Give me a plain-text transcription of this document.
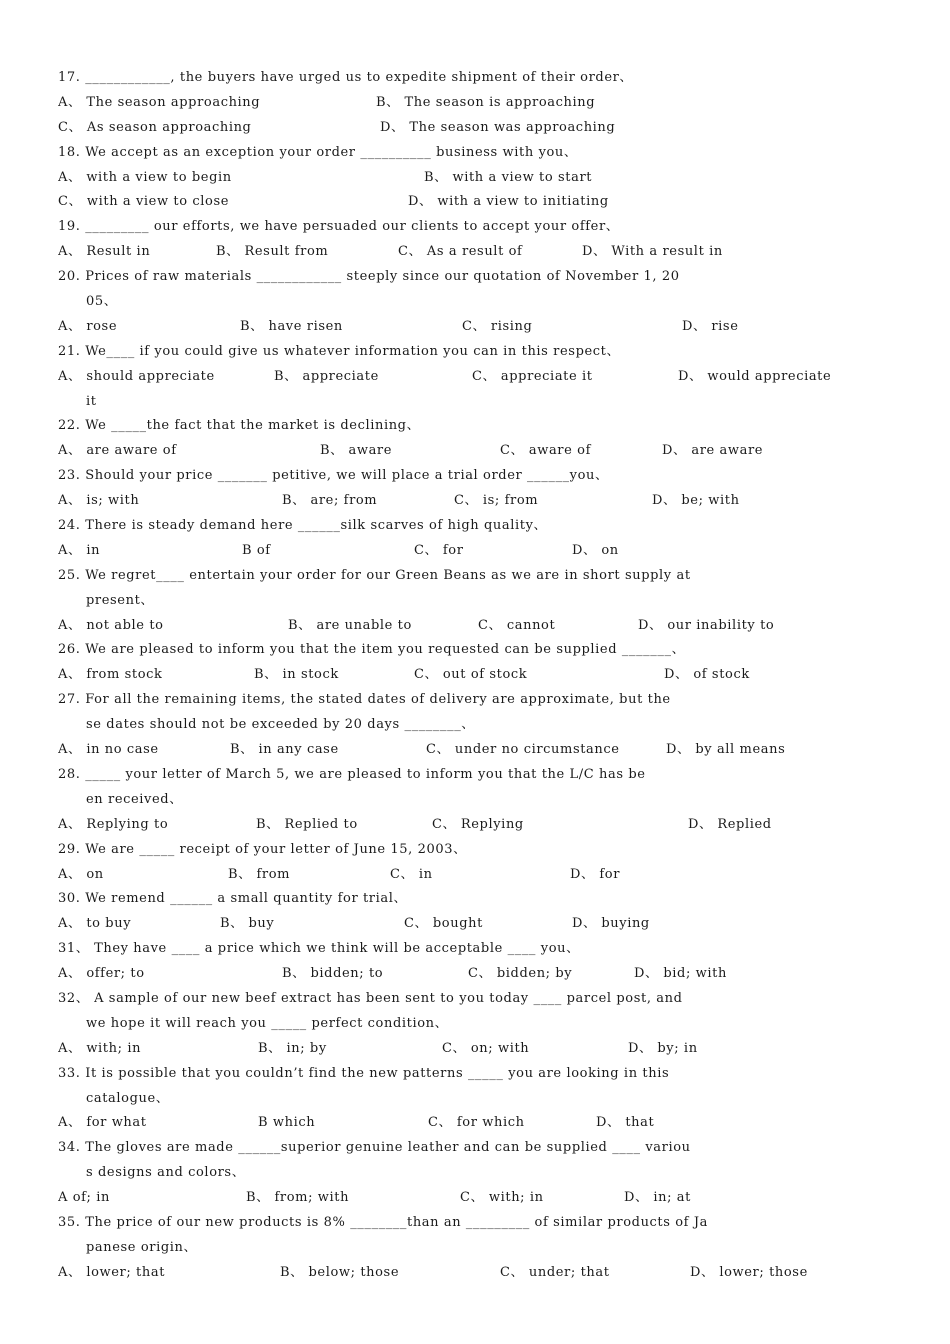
17. ____________, the buyers have urged us to expedite shipment of their order、
A、 The season approaching	B、 The season is approaching
C、 As season approaching	D、 The season was approaching
18. We accept as an exception your order __________ business with you、
A、 with a view to begin	B、 with a view to start
C、 with a view to close	D、 with a view to initiating
19. _________ our efforts, we have persuaded our clients to accept your offer、
A、 Result in	B、 Result from	C、 As a result of	D、 With a result in
20. Prices of raw materials ____________ steeply since our quotation of November 1, 20
05、
A、 rose	B、 have risen	C、 rising	D、 rise
21. We____ if you could give us whatever information you can in this respect、
A、 should appreciate	B、 appreciate	C、 appreciate it	D、 would appreciate
it
22. We _____the fact that the market is declining、
A、 are aware of	B、 aware	C、 aware of	D、 are aware
23. Should your price _______ petitive, we will place a trial order ______you、
A、 is; with	B、 are; from	C、 is; from	D、 be; with
24. There is steady demand here ______silk scarves of high quality、
A、 in	B of	C、 for	D、 on
25. We regret____ entertain your order for our Green Beans as we are in short supply at
present、
A、 not able to	B、 are unable to	C、 cannot	D、 our inability to
26. We are pleased to inform you that the item you requested can be supplied _______、
A、 from stock	B、 in stock	C、 out of stock	D、 of stock
27. For all the remaining items, the stated dates of delivery are approximate, but the
se dates should not be exceeded by 20 days ________、
A、 in no case	B、 in any case	C、 under no circumstance	D、 by all means
28. _____ your letter of March 5, we are pleased to inform you that the L/C has be
en received、
A、 Replying to	B、 Replied to	C、 Replying	D、 Replied
29. We are _____ receipt of your letter of June 15, 2003、
A、 on	B、 from	C、 in	D、 for
30. We remend ______ a small quantity for trial、
A、 to buy	B、 buy	C、 bought	D、 buying
31、 They have ____ a price which we think will be acceptable ____ you、
A、 offer; to	B、 bidden; to	C、 bidden; by	D、 bid; with
32、 A sample of our new beef extract has been sent to you today ____ parcel post, and
we hope it will reach you _____ perfect condition、
A、 with; in	B、 in; by	C、 on; with	D、 by; in
33. It is possible that you couldn’t find the new patterns _____ you are looking in this
catalogue、
A、 for what	B which	C、 for which	D、 that
34. The gloves are made ______superior genuine leather and can be supplied ____ variou
s designs and colors、
A of; in	B、 from; with	C、 with; in	D、 in; at
35. The price of our new products is 8% ________than an _________ of similar products of Ja
panese origin、
A、 lower; that	B、 below; those	C、 under; that	D、 lower; those
